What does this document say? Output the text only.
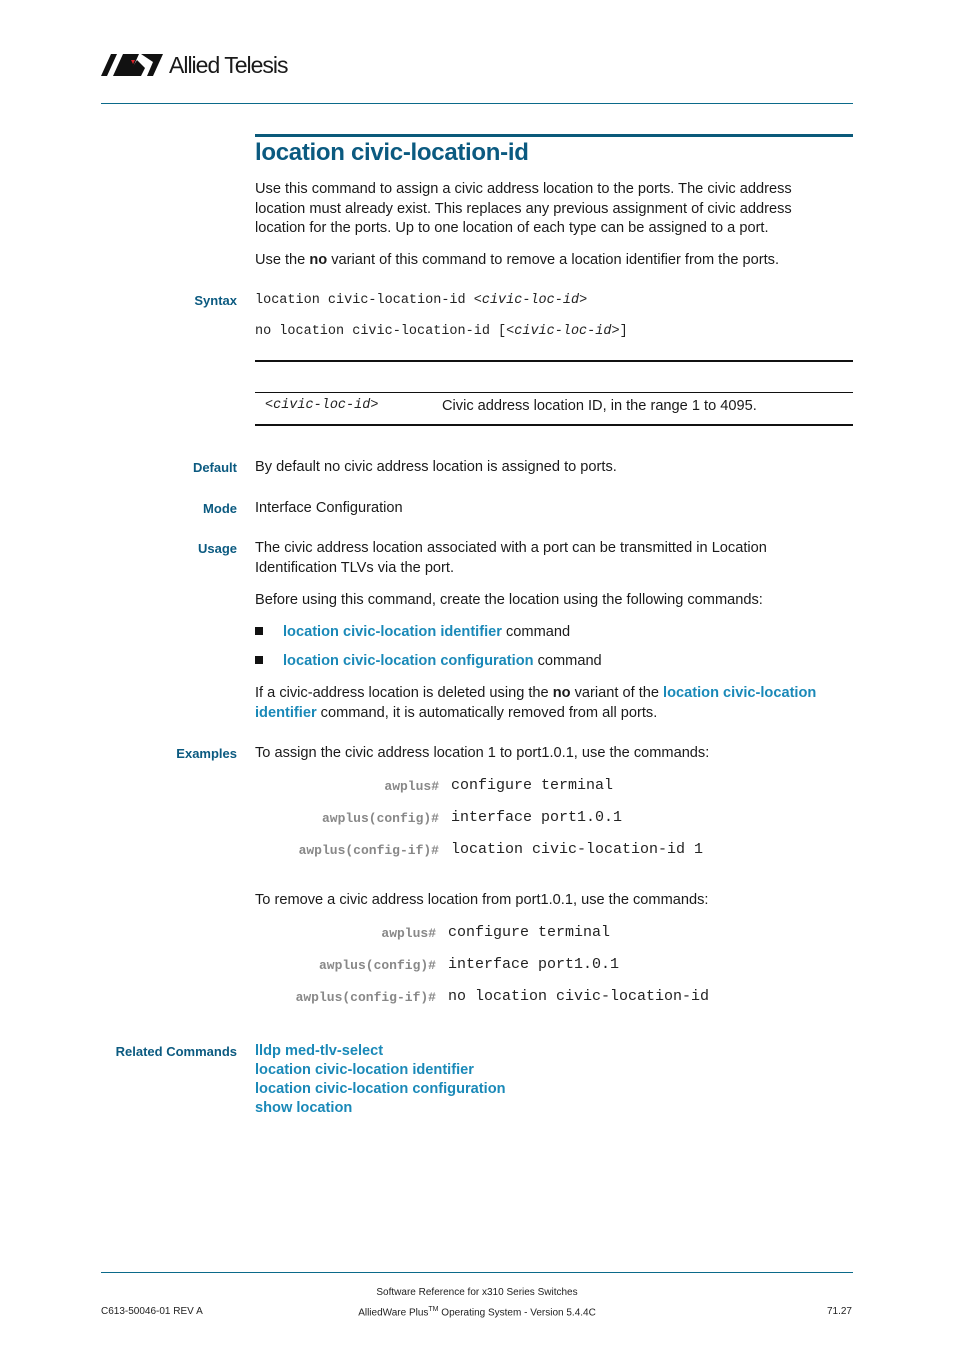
Allied Telesis
location civic-location-id
Use this command to assign a civic address location to the ports. The civic address location must already exist. This replaces any previous assignment of civic address location for the ports. Up to one location of each type can be assigned to a port.
Use the no variant of this command to remove a location identifier from the ports.
Syntax location civic-location-id <civic-loc-id>
no location civic-location-id [<civic-loc-id>]
<civic-loc-id>	Civic address location ID, in the range 1 to 4095.
Default By default no civic address location is assigned to ports.
Mode Interface Configuration
Usage The civic address location associated with a port can be transmitted in Location Identification TLVs via the port.
Before using this command, create the location using the following commands:
location civic-location identifier command
location civic-location configuration command
If a civic-address location is deleted using the no variant of the location civic-location identifier command, it is automatically removed from all ports.
Examples To assign the civic address location 1 to port1.0.1, use the commands:
awplus# configure terminal
awplus(config)# interface port1.0.1
awplus(config-if)# location civic-location-id 1
To remove a civic address location from port1.0.1, use the commands:
awplus# configure terminal
awplus(config)# interface port1.0.1
awplus(config-if)# no location civic-location-id
Related Commands lldp med-tlv-select
location civic-location identifier
location civic-location configuration
show location
Software Reference for x310 Series Switches
C613-50046-01 REV A	AlliedWare Plus™ Operating System - Version 5.4.4C	71.27
